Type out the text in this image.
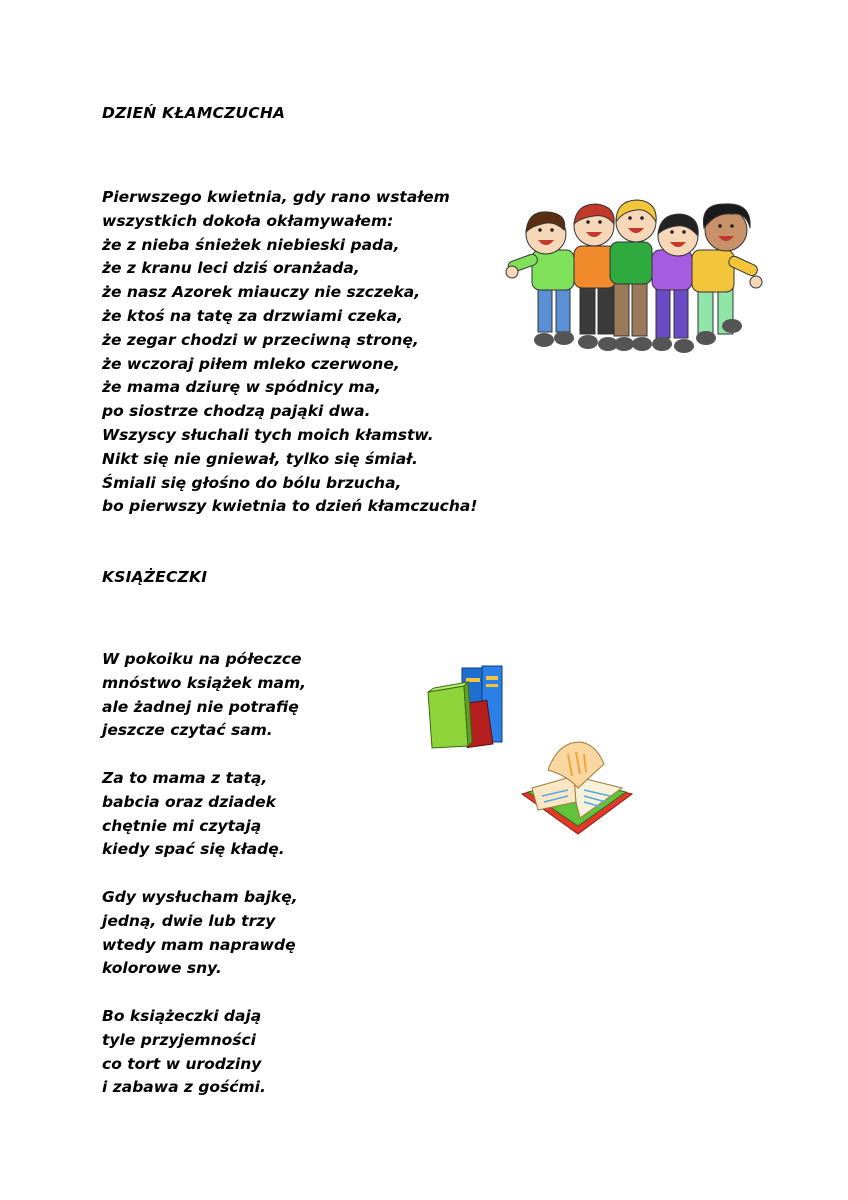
DZIEŃ KŁAMCZUCHA
Pierwszego kwietnia, gdy rano wstałem
wszystkich dokoła okłamywałem:
że z nieba śnieżek niebieski pada,
że z kranu leci dziś oranżada,
że nasz Azorek miauczy nie szczeka,
że ktoś na tatę za drzwiami czeka,
że zegar chodzi w przeciwną stronę,
że wczoraj piłem mleko czerwone,
że mama dziurę w spódnicy ma,
po siostrze chodzą pająki dwa.
Wszyscy słuchali tych moich kłamstw.
Nikt się nie gniewał, tylko się śmiał.
Śmiali się głośno do bólu brzucha,
bo pierwszy kwietnia to dzień kłamczucha!
KSIĄŻECZKI
W pokoiku na półeczce
mnóstwo książek mam,
ale żadnej nie potrafię
jeszcze czytać sam.
Za to mama z tatą,
babcia oraz dziadek
chętnie mi czytają
kiedy spać się kładę.
Gdy wysłucham bajkę,
jedną, dwie lub trzy
wtedy mam naprawdę
kolorowe sny.
Bo książeczki dają
tyle przyjemności
co tort w urodziny
i zabawa z gośćmi.
